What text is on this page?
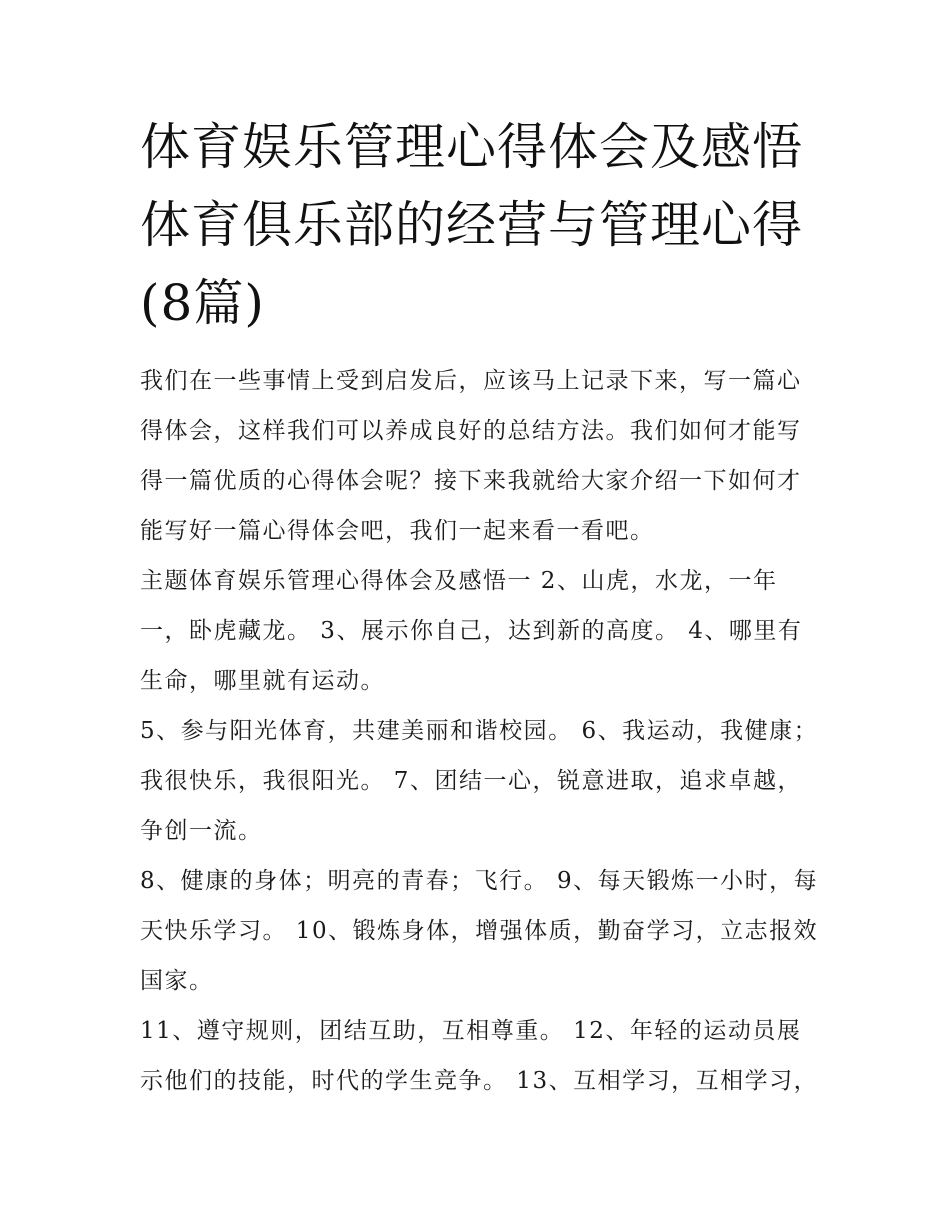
体育娱乐管理心得体会及感悟体育俱乐部的经营与管理心得(8篇)

我们在一些事情上受到启发后，应该马上记录下来，写一篇心得体会，这样我们可以养成良好的总结方法。我们如何才能写得一篇优质的心得体会呢？接下来我就给大家介绍一下如何才能写好一篇心得体会吧，我们一起来看一看吧。

主题体育娱乐管理心得体会及感悟一 2、山虎，水龙，一年一，卧虎藏龙。 3、展示你自己，达到新的高度。 4、哪里有生命，哪里就有运动。

5、参与阳光体育，共建美丽和谐校园。 6、我运动，我健康；我很快乐，我很阳光。 7、团结一心，锐意进取，追求卓越，争创一流。

8、健康的身体；明亮的青春；飞行。 9、每天锻炼一小时，每天快乐学习。 10、锻炼身体，增强体质，勤奋学习，立志报效国家。

11、遵守规则，团结互助，互相尊重。 12、年轻的运动员展示他们的技能，时代的学生竞争。 13、互相学习，互相学习，
